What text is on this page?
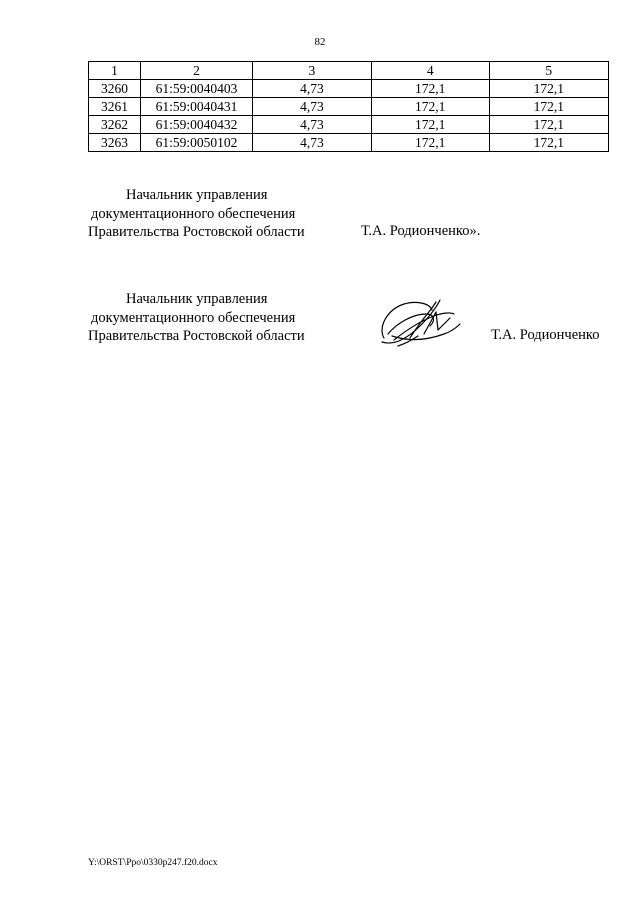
82
1	2	3	4	5
3260	61:59:0040403	4,73	172,1	172,1
3261	61:59:0040431	4,73	172,1	172,1
3262	61:59:0040432	4,73	172,1	172,1
3263	61:59:0050102	4,73	172,1	172,1
Начальник управления
документационного обеспечения
Правительства Ростовской области	Т.А. Родионченко».
Начальник управления
документационного обеспечения
Правительства Ростовской области	Т.А. Родионченко
Y:\ORST\Ppo\0330p247.f20.docx
